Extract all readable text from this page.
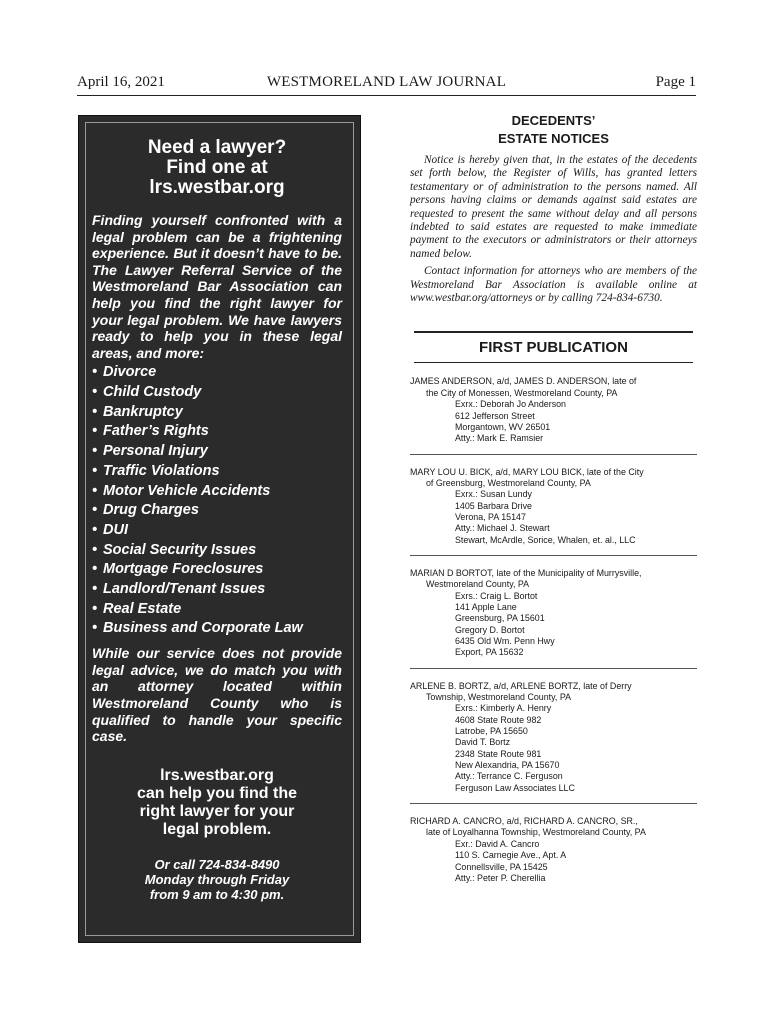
April 16, 2021	WESTMORELAND LAW JOURNAL	Page 1
Need a lawyer?
Find one at
lrs.westbar.org

Finding yourself confronted with a legal problem can be a frightening experience. But it doesn’t have to be. The Lawyer Referral Service of the Westmoreland Bar Association can help you find the right lawyer for your legal problem. We have lawyers ready to help you in these legal areas, and more:

• Divorce
• Child Custody
• Bankruptcy
• Father’s Rights
• Personal Injury
• Traffic Violations
• Motor Vehicle Accidents
• Drug Charges
• DUI
• Social Security Issues
• Mortgage Foreclosures
• Landlord/Tenant Issues
• Real Estate
• Business and Corporate Law

While our service does not provide legal advice, we do match you with an attorney located within Westmoreland County who is qualified to handle your specific case.

lrs.westbar.org
can help you find the
right lawyer for your
legal problem.
Or call 724-834-8490
Monday through Friday
from 9 am to 4:30 pm.
DECEDENTS’
ESTATE NOTICES

Notice is hereby given that, in the estates of the decedents set forth below, the Register of Wills, has granted letters testamentary or of administration to the persons named. All persons having claims or demands against said estates are requested to present the same without delay and all persons indebted to said estates are requested to make immediate payment to the executors or administrators or their attorneys named below.

Contact information for attorneys who are members of the Westmoreland Bar Association is available online at www.westbar.org/attorneys or by calling 724-834-6730.

FIRST PUBLICATION
JAMES ANDERSON, a/d, JAMES D. ANDERSON, late of
the City of Monessen, Westmoreland County, PA
Exrx.: Deborah Jo Anderson
612 Jefferson Street
Morgantown, WV 26501
Atty.: Mark E. Ramsier
MARY LOU U. BICK, a/d, MARY LOU BICK, late of the City
of Greensburg, Westmoreland County, PA
Exrx.: Susan Lundy
1405 Barbara Drive
Verona, PA 15147
Atty.: Michael J. Stewart
Stewart, McArdle, Sorice, Whalen, et. al., LLC
MARIAN D BORTOT, late of the Municipality of Murrysville,
Westmoreland County, PA
Exrs.: Craig L. Bortot
141 Apple Lane
Greensburg, PA 15601
Gregory D. Bortot
6435 Old Wm. Penn Hwy
Export, PA 15632
ARLENE B. BORTZ, a/d, ARLENE BORTZ, late of Derry
Township, Westmoreland County, PA
Exrs.: Kimberly A. Henry
4608 State Route 982
Latrobe, PA 15650
David T. Bortz
2348 State Route 981
New Alexandria, PA 15670
Atty.: Terrance C. Ferguson
Ferguson Law Associates LLC
RICHARD A. CANCRO, a/d, RICHARD A. CANCRO, SR.,
late of Loyalhanna Township, Westmoreland County, PA
Exr.: David A. Cancro
110 S. Carnegie Ave., Apt. A
Connellsville, PA 15425
Atty.: Peter P. Cherellia
